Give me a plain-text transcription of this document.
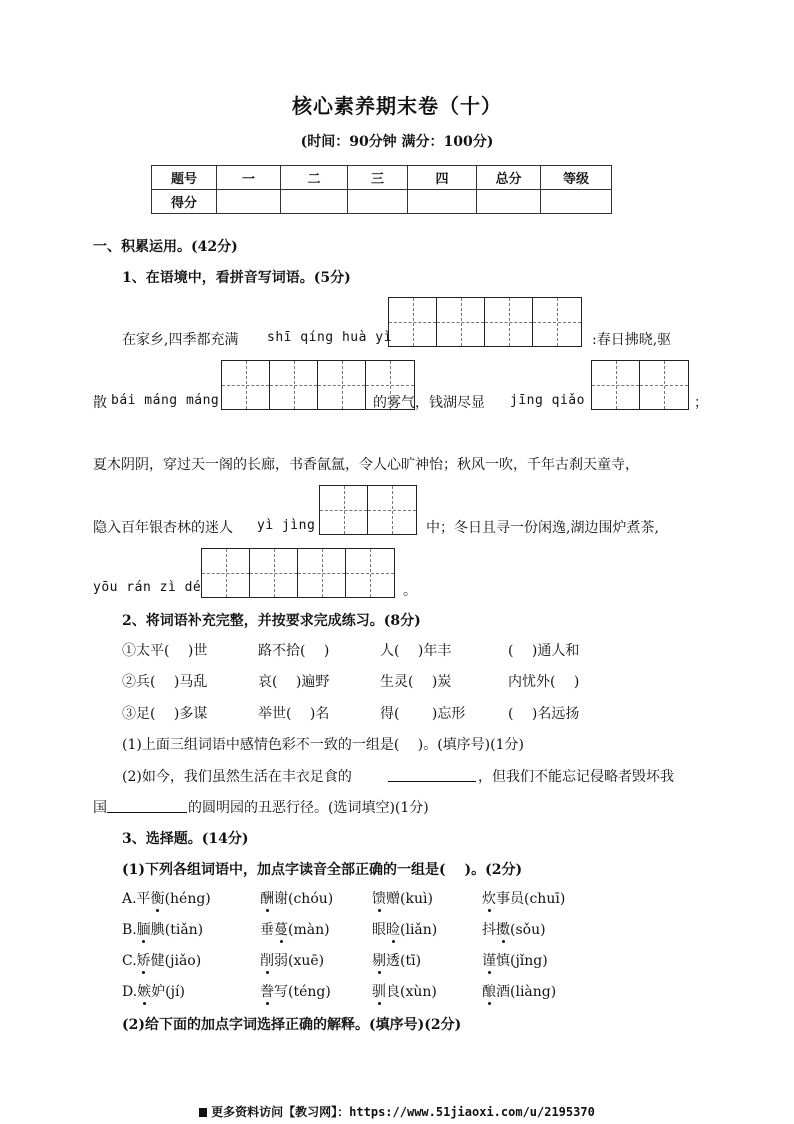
核心素养期末卷（十）
(时间：90分钟 满分：100分)
题号	一	二	三	四	总分	等级
得分						
一、积累运用。(42分)
1、在语境中，看拼音写词语。(5分)
在家乡,四季都充满 shī qíng huà yì	:春日拂晓,驱
散 bái máng máng	的雾气，钱湖尽显 jīng qiǎo	；
夏木阴阴，穿过天一阁的长廊，书香氤氲，令人心旷神怡；秋风一吹，千年古刹天童寺，
隐入百年银杏林的迷人 yì jìng	中；冬日且寻一份闲逸,湖边围炉煮茶,
yōu rán zì dé	。
2、将词语补充完整，并按要求完成练习。(8分)
①太平(　 )世	路不拾(　 )	人(　 )年丰	(　 )通人和
②兵(　 )马乱	哀(　 )遍野	生灵(　 )炭	内忧外(　 )
③足(　 )多谋	举世(　 )名	得(　 　)忘形	(　 )名远扬
(1)上面三组词语中感情色彩不一致的一组是(　 )。(填序号)(1分)
(2)如今，我们虽然生活在丰衣足食的	，但我们不能忘记侵略者毁坏我
国	的圆明园的丑恶行径。(选词填空)(1分)
3、选择题。(14分)
(1)下列各组词语中，加点字读音全部正确的一组是(　 )。(2分)
A.平衡(héng)	酬谢(chóu)	馈赠(kuì)	炊事员(chuī)
B.腼腆(tiǎn)	垂蔓(màn)	眼睑(liǎn)	抖擞(sǒu)
C.矫健(jiǎo)	削弱(xuē)	剔透(tī)	谨慎(jǐng)
D.嫉妒(jí)	誊写(téng)	驯良(xùn)	酿酒(liàng)
(2)给下面的加点字词选择正确的解释。(填序号)(2分)
更多资料访问【教习网】：https://www.51jiaoxi.com/u/2195370
